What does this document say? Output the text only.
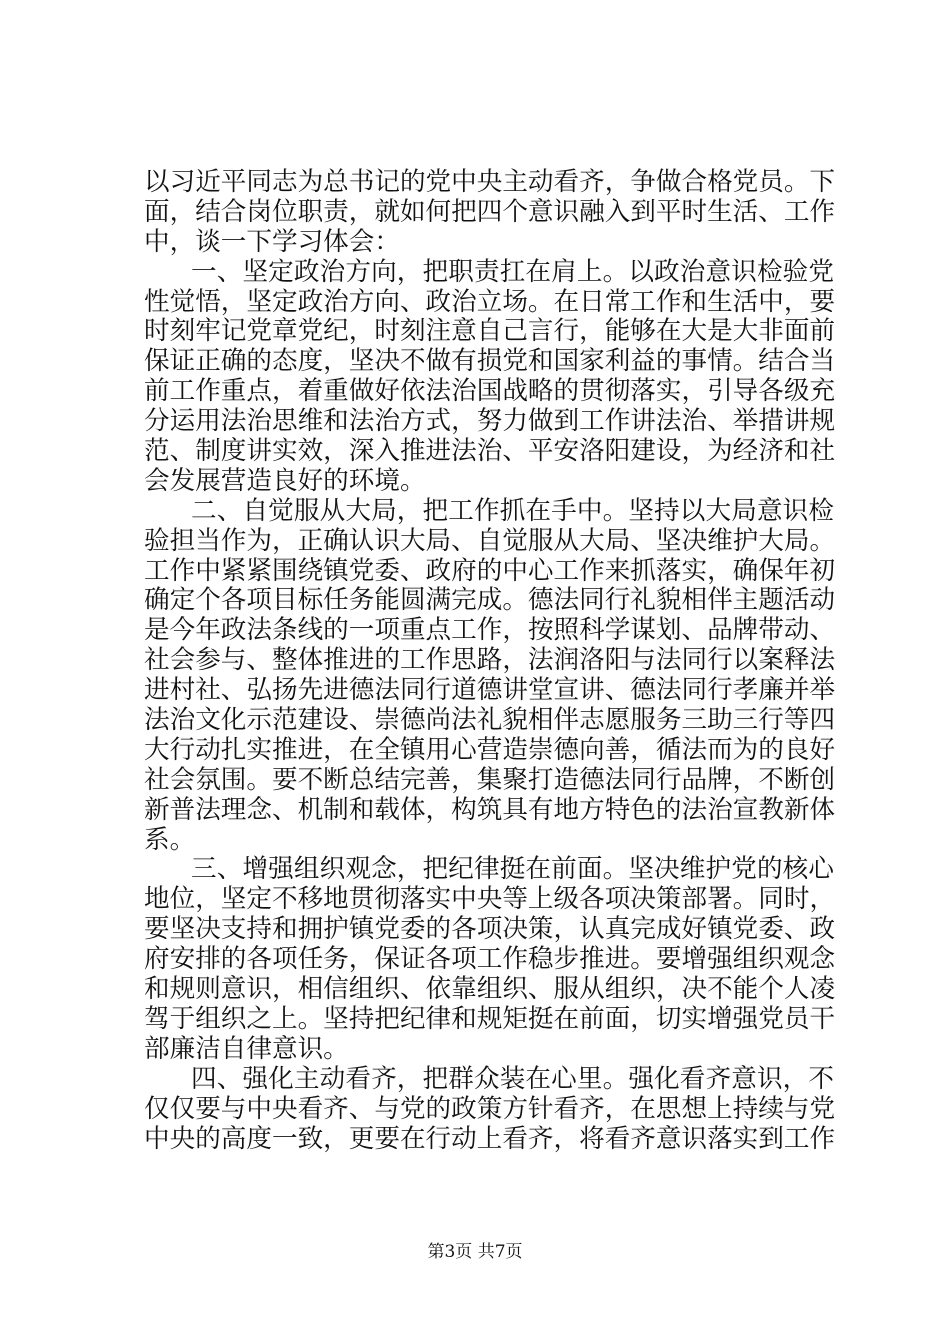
以习近平同志为总书记的党中央主动看齐，争做合格党员。下
面，结合岗位职责，就如何把四个意识融入到平时生活、工作
中，谈一下学习体会：
一、坚定政治方向，把职责扛在肩上。以政治意识检验党
性觉悟，坚定政治方向、政治立场。在日常工作和生活中，要
时刻牢记党章党纪，时刻注意自己言行，能够在大是大非面前
保证正确的态度，坚决不做有损党和国家利益的事情。结合当
前工作重点，着重做好依法治国战略的贯彻落实，引导各级充
分运用法治思维和法治方式，努力做到工作讲法治、举措讲规
范、制度讲实效，深入推进法治、平安洛阳建设，为经济和社
会发展营造良好的环境。
二、自觉服从大局，把工作抓在手中。坚持以大局意识检
验担当作为，正确认识大局、自觉服从大局、坚决维护大局。
工作中紧紧围绕镇党委、政府的中心工作来抓落实，确保年初
确定个各项目标任务能圆满完成。德法同行礼貌相伴主题活动
是今年政法条线的一项重点工作，按照科学谋划、品牌带动、
社会参与、整体推进的工作思路，法润洛阳与法同行以案释法
进村社、弘扬先进德法同行道德讲堂宣讲、德法同行孝廉并举
法治文化示范建设、崇德尚法礼貌相伴志愿服务三助三行等四
大行动扎实推进，在全镇用心营造崇德向善，循法而为的良好
社会氛围。要不断总结完善，集聚打造德法同行品牌，不断创
新普法理念、机制和载体，构筑具有地方特色的法治宣教新体
系。
三、增强组织观念，把纪律挺在前面。坚决维护党的核心
地位，坚定不移地贯彻落实中央等上级各项决策部署。同时，
要坚决支持和拥护镇党委的各项决策，认真完成好镇党委、政
府安排的各项任务，保证各项工作稳步推进。要增强组织观念
和规则意识，相信组织、依靠组织、服从组织，决不能个人凌
驾于组织之上。坚持把纪律和规矩挺在前面，切实增强党员干
部廉洁自律意识。
四、强化主动看齐，把群众装在心里。强化看齐意识，不
仅仅要与中央看齐、与党的政策方针看齐，在思想上持续与党
中央的高度一致，更要在行动上看齐，将看齐意识落实到工作
第3页 共7页
